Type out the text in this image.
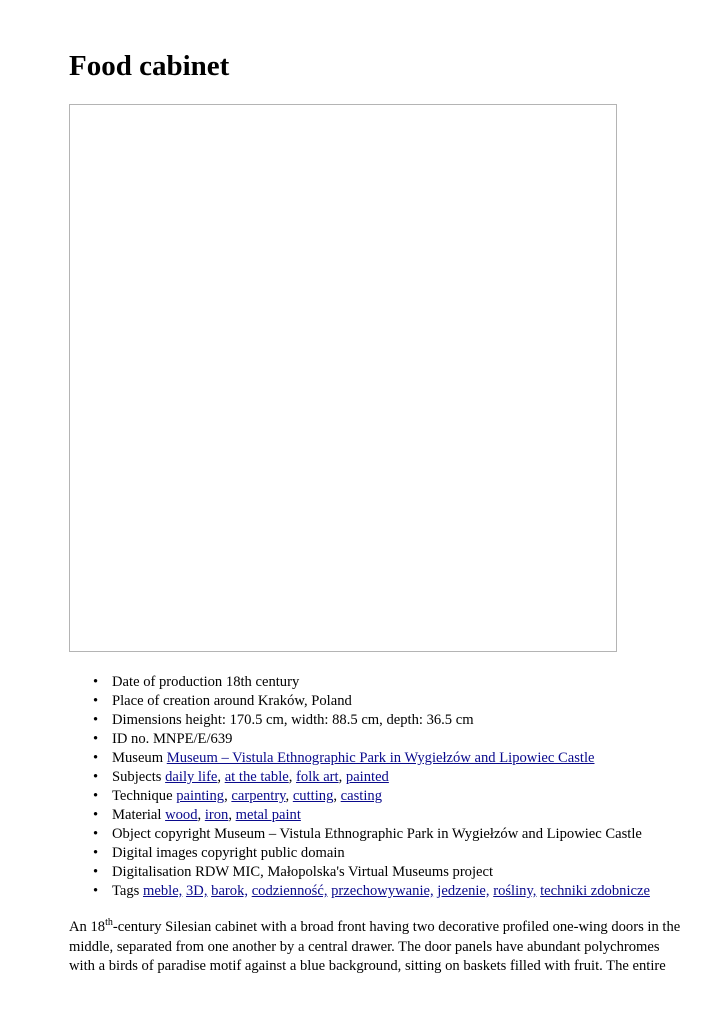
Food cabinet
• Date of production 18th century
• Place of creation around Kraków, Poland
• Dimensions height: 170.5 cm, width: 88.5 cm, depth: 36.5 cm
• ID no. MNPE/E/639
• Museum Museum – Vistula Ethnographic Park in Wygiełzów and Lipowiec Castle
• Subjects daily life, at the table, folk art, painted
• Technique painting, carpentry, cutting, casting
• Material wood, iron, metal paint
• Object copyright Museum – Vistula Ethnographic Park in Wygiełzów and Lipowiec Castle
• Digital images copyright public domain
• Digitalisation RDW MIC, Małopolska's Virtual Museums project
• Tags meble, 3D, barok, codzienność, przechowywanie, jedzenie, rośliny, techniki zdobnicze

An 18th-century Silesian cabinet with a broad front having two decorative profiled one-wing doors in the middle, separated from one another by a central drawer. The door panels have abundant polychromes with a birds of paradise motif against a blue background, sitting on baskets filled with fruit. The entire
